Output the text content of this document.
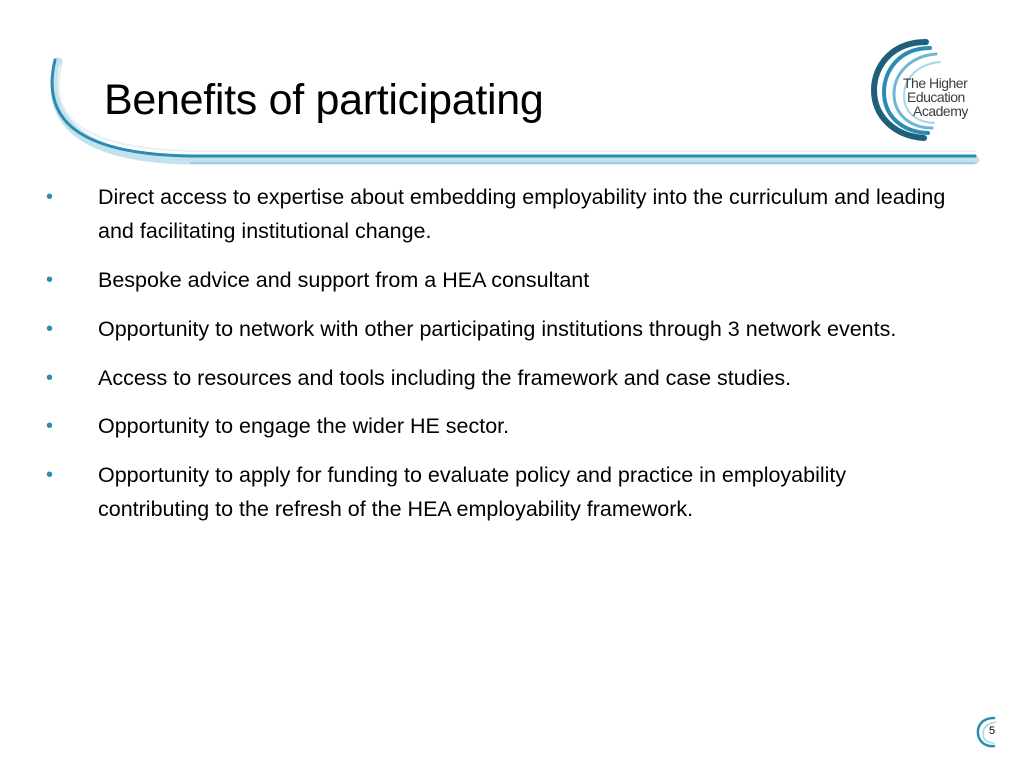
Benefits of participating	The Higher
Education
Academy
•	Direct access to expertise about embedding employability into the curriculum and leading and facilitating institutional change.
•	Bespoke advice and support from a HEA consultant
•	Opportunity to network with other participating institutions through 3 network events.
•	Access to resources and tools including the framework and case studies.
•	Opportunity to engage the wider HE sector.
•	Opportunity to apply for funding to evaluate policy and practice in employability contributing to the refresh of the HEA employability framework.
5
